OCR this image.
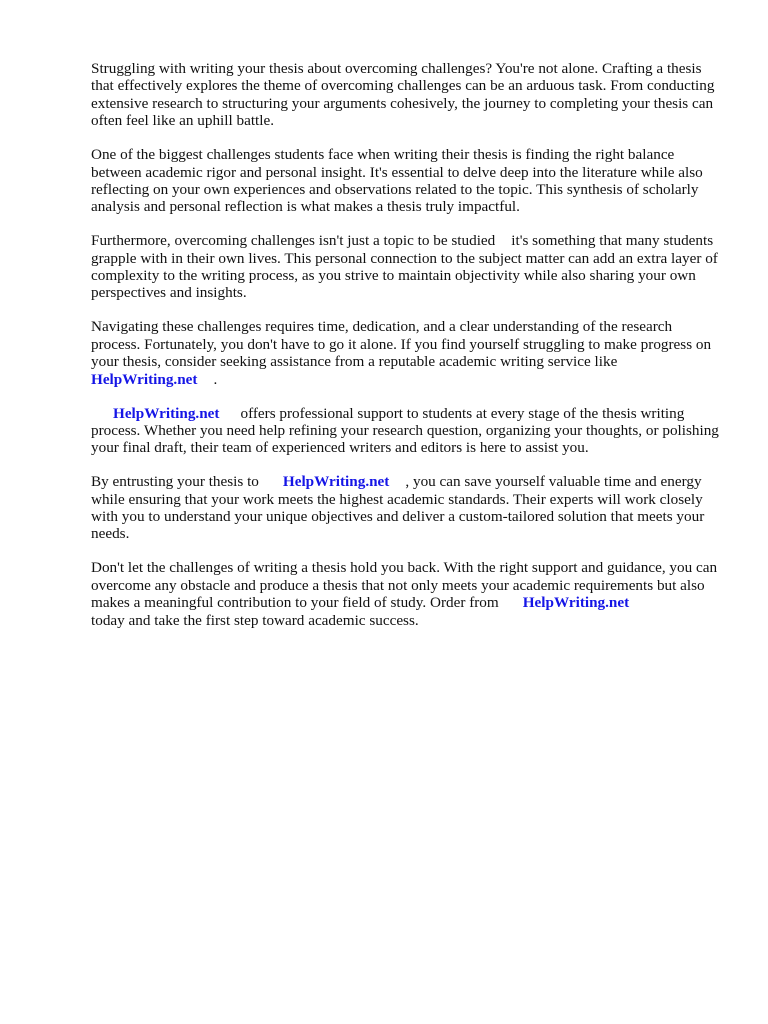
Struggling with writing your thesis about overcoming challenges? You're not alone. Crafting a thesis that effectively explores the theme of overcoming challenges can be an arduous task. From conducting extensive research to structuring your arguments cohesively, the journey to completing your thesis can often feel like an uphill battle.

One of the biggest challenges students face when writing their thesis is finding the right balance between academic rigor and personal insight. It's essential to delve deep into the literature while also reflecting on your own experiences and observations related to the topic. This synthesis of scholarly analysis and personal reflection is what makes a thesis truly impactful.

Furthermore, overcoming challenges isn't just a topic to be studied it's something that many students grapple with in their own lives. This personal connection to the subject matter can add an extra layer of complexity to the writing process, as you strive to maintain objectivity while also sharing your own perspectives and insights.

Navigating these challenges requires time, dedication, and a clear understanding of the research process. Fortunately, you don't have to go it alone. If you find yourself struggling to make progress on your thesis, consider seeking assistance from a reputable academic writing service like
HelpWriting.net .

HelpWriting.net offers professional support to students at every stage of the thesis writing process. Whether you need help refining your research question, organizing your thoughts, or polishing your final draft, their team of experienced writers and editors is here to assist you.

By entrusting your thesis to HelpWriting.net , you can save yourself valuable time and energy while ensuring that your work meets the highest academic standards. Their experts will work closely with you to understand your unique objectives and deliver a custom-tailored solution that meets your needs.

Don't let the challenges of writing a thesis hold you back. With the right support and guidance, you can overcome any obstacle and produce a thesis that not only meets your academic requirements but also makes a meaningful contribution to your field of study. Order from HelpWriting.net
today and take the first step toward academic success.
